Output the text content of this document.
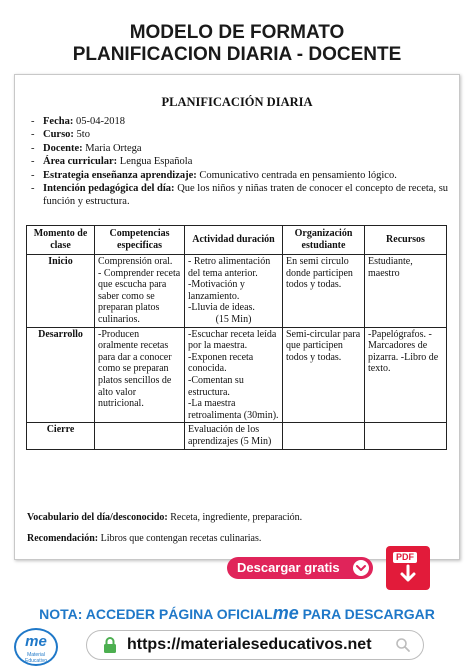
MODELO DE FORMATO
PLANIFICACION DIARIA - DOCENTE
PLANIFICACIÓN DIARIA
- Fecha: 05-04-2018
- Curso: 5to
- Docente: Maria Ortega
- Área curricular: Lengua Española
- Estrategia enseñanza aprendizaje: Comunicativo centrada en pensamiento lógico.
- Intención pedagógica del día: Que los niños y niñas traten de conocer el concepto de receta, su función y estructura.
Momento de clase	Competencias especificas	Actividad duración	Organización estudiante	Recursos
Inicio	Comprensión oral.
- Comprender receta que escucha para saber como se preparan platos culinarios.	- Retro alimentación del tema anterior.
-Motivación y lanzamiento.
-Lluvia de ideas.
(15 Min)	En semi circulo donde participen todos y todas.	Estudiante, maestro
Desarrollo	-Producen oralmente recetas para dar a conocer como se preparan platos sencillos de alto valor nutricional.	-Escuchar receta leída por la maestra.
-Exponen receta conocida.
-Comentan su estructura.
-La maestra retroalimenta (30min).	Semi-circular para que participen todos y todas.	-Papelógrafos. -Marcadores de pizarra. -Libro de texto.
Cierre		Evaluación de los aprendizajes (5 Min)		

Vocabulario del día/desconocido: Receta, ingrediente, preparación.
Recomendación: Libros que contengan recetas culinarias.
Descargar gratis
PDF
NOTA: ACCEDER PÁGINA OFICIALme PARA DESCARGAR
me
Material Educativo
https://materialeseducativos.net
